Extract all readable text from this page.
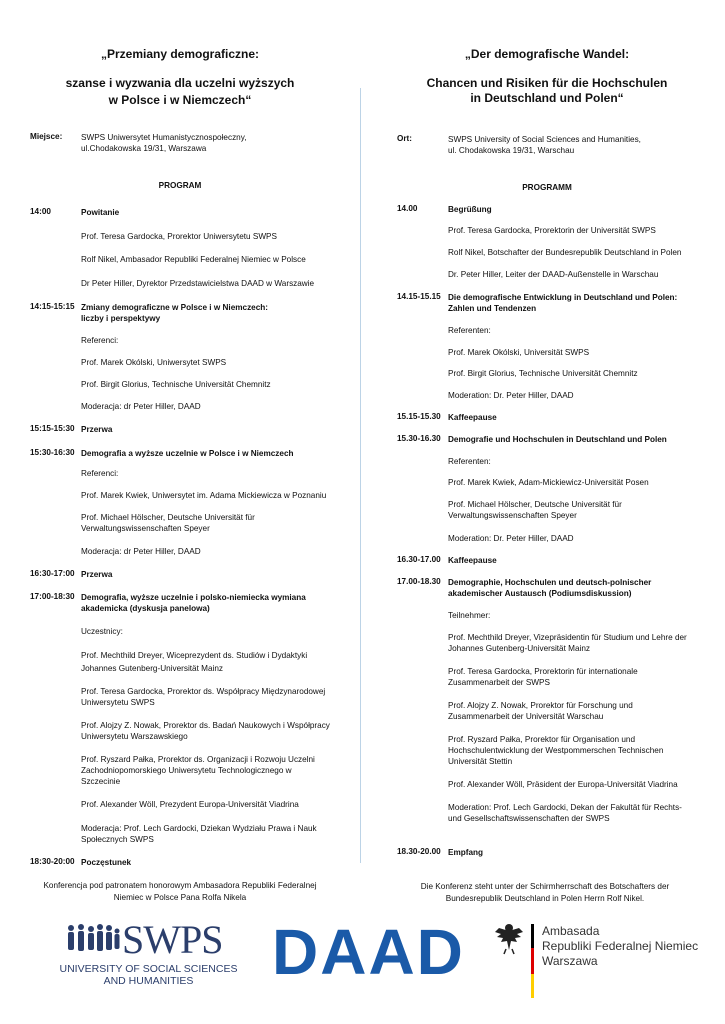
„Przemiany demograficzne:
szanse i wyzwania dla uczelni wyższych
w Polsce i w Niemczech“
Miejsce: SWPS Uniwersytet Humanistycznospołeczny,
ul.Chodakowska 19/31, Warszawa
PROGRAM
14:00	Powitanie
Prof. Teresa Gardocka, Prorektor Uniwersytetu SWPS
Rolf Nikel, Ambasador Republiki Federalnej Niemiec w Polsce
Dr Peter Hiller, Dyrektor Przedstawicielstwa DAAD w Warszawie
14:15-15:15 Zmiany demograficzne w Polsce i w Niemczech:
liczby i perspektywy
Referenci:
Prof. Marek Okólski, Uniwersytet SWPS
Prof. Birgit Glorius, Technische Universität Chemnitz
Moderacja: dr Peter Hiller, DAAD
15:15-15:30 Przerwa
15:30-16:30 Demografia a wyższe uczelnie w Polsce i w Niemczech
Referenci:
Prof. Marek Kwiek, Uniwersytet im. Adama Mickiewicza w Poznaniu
Prof. Michael Hölscher, Deutsche Universität für
Verwaltungswissenschaften Speyer
Moderacja: dr Peter Hiller, DAAD
16:30-17:00 Przerwa
17:00-18:30 Demografia, wyższe uczelnie i polsko-niemiecka wymiana
akademicka (dyskusja panelowa)
Uczestnicy:
Prof. Mechthild Dreyer, Wiceprezydent ds. Studiów i Dydaktyki
Johannes Gutenberg-Universität Mainz
Prof. Teresa Gardocka, Prorektor ds. Współpracy Międzynarodowej
Uniwersytetu SWPS
Prof. Alojzy Z. Nowak, Prorektor ds. Badań Naukowych i Współpracy
Uniwersytetu Warszawskiego
Prof. Ryszard Pałka, Prorektor ds. Organizacji i Rozwoju Uczelni
Zachodniopomorskiego Uniwersytetu Technologicznego w
Szczecinie
Prof. Alexander Wöll, Prezydent Europa-Universität Viadrina
Moderacja: Prof. Lech Gardocki, Dziekan Wydziału Prawa i Nauk
Społecznych SWPS
18:30-20:00 Poczęstunek
Konferencja pod patronatem honorowym Ambasadora Republiki Federalnej
Niemiec w Polsce Pana Rolfa Nikela
„Der demografische Wandel:
Chancen und Risiken für die Hochschulen
in Deutschland und Polen“
Ort:	SWPS University of Social Sciences and Humanities,
ul. Chodakowska 19/31, Warschau
PROGRAMM
14.00	Begrüßung
Prof. Teresa Gardocka, Prorektorin der Universität SWPS
Rolf Nikel, Botschafter der Bundesrepublik Deutschland in Polen
Dr. Peter Hiller, Leiter der DAAD-Außenstelle in Warschau
14.15-15.15 Die demografische Entwicklung in Deutschland und Polen:
Zahlen und Tendenzen
Referenten:
Prof. Marek Okólski, Universität SWPS
Prof. Birgit Glorius, Technische Universität Chemnitz
Moderation: Dr. Peter Hiller, DAAD
15.15-15.30 Kaffeepause
15.30-16.30 Demografie und Hochschulen in Deutschland und Polen
Referenten:
Prof. Marek Kwiek, Adam-Mickiewicz-Universität Posen
Prof. Michael Hölscher, Deutsche Universität für
Verwaltungswissenschaften Speyer
Moderation: Dr. Peter Hiller, DAAD
16.30-17.00 Kaffeepause
17.00-18.30 Demographie, Hochschulen und deutsch-polnischer
akademischer Austausch (Podiumsdiskussion)
Teilnehmer:
Prof. Mechthild Dreyer, Vizepräsidentin für Studium und Lehre der
Johannes Gutenberg-Universität Mainz
Prof. Teresa Gardocka, Prorektorin für internationale
Zusammenarbeit der SWPS
Prof. Alojzy Z. Nowak, Prorektor für Forschung und
Zusammenarbeit der Universität Warschau
Prof. Ryszard Pałka, Prorektor für Organisation und
Hochschulentwicklung der Westpommerschen Technischen
Universität Stettin
Prof. Alexander Wöll, Präsident der Europa-Universität Viadrina
Moderation: Prof. Lech Gardocki, Dekan der Fakultät für Rechts-
und Gesellschaftswissenschaften der SWPS
18.30-20.00 Empfang
Die Konferenz steht unter der Schirmherrschaft des Botschafters der
Bundesrepublik Deutschland in Polen Herrn Rolf Nikel.
SWPS
UNIVERSITY OF SOCIAL SCIENCES
AND HUMANITIES	DAAD	Ambasada
Republiki Federalnej Niemiec
Warszawa
